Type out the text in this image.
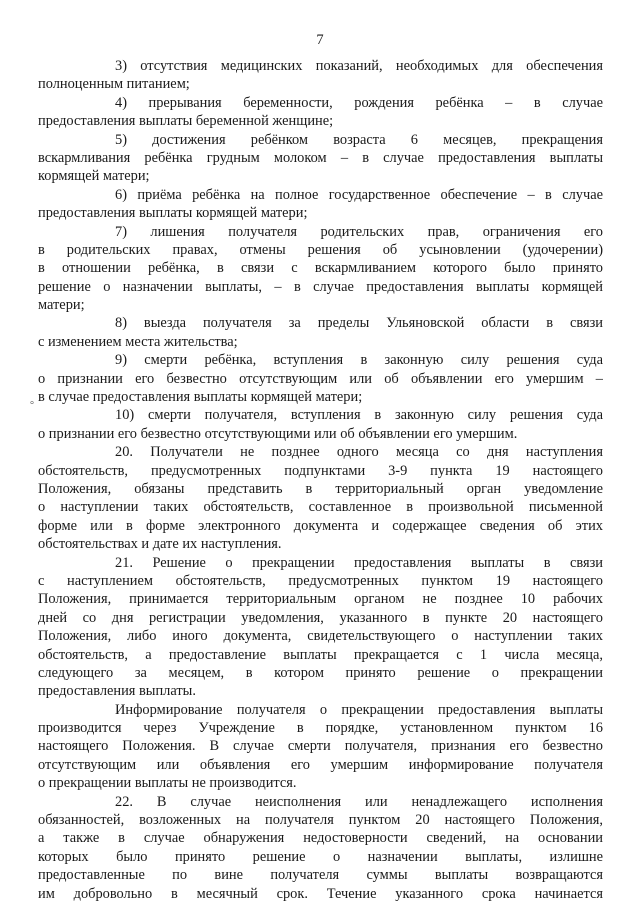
7
3) отсутствия медицинских показаний, необходимых для обеспечения
полноценным питанием;
4) прерывания беременности, рождения ребёнка – в случае
предоставления выплаты беременной женщине;
5) достижения ребёнком возраста 6 месяцев, прекращения
вскармливания ребёнка грудным молоком – в случае предоставления выплаты
кормящей матери;
6) приёма ребёнка на полное государственное обеспечение – в случае
предоставления выплаты кормящей матери;
7) лишения получателя родительских прав, ограничения его
в родительских правах, отмены решения об усыновлении (удочерении)
в отношении ребёнка, в связи с вскармливанием которого было принято
решение о назначении выплаты, – в случае предоставления выплаты кормящей
матери;
8) выезда получателя за пределы Ульяновской области в связи
с изменением места жительства;
9) смерти ребёнка, вступления в законную силу решения суда
о признании его безвестно отсутствующим или об объявлении его умершим –
в случае предоставления выплаты кормящей матери;
10) смерти получателя, вступления в законную силу решения суда
о признании его безвестно отсутствующими или об объявлении его умершим.
20. Получатели не позднее одного месяца со дня наступления
обстоятельств, предусмотренных подпунктами 3-9 пункта 19 настоящего
Положения, обязаны представить в территориальный орган уведомление
о наступлении таких обстоятельств, составленное в произвольной письменной
форме или в форме электронного документа и содержащее сведения об этих
обстоятельствах и дате их наступления.
21. Решение о прекращении предоставления выплаты в связи
с наступлением обстоятельств, предусмотренных пунктом 19 настоящего
Положения, принимается территориальным органом не позднее 10 рабочих
дней со дня регистрации уведомления, указанного в пункте 20 настоящего
Положения, либо иного документа, свидетельствующего о наступлении таких
обстоятельств, а предоставление выплаты прекращается с 1 числа месяца,
следующего за месяцем, в котором принято решение о прекращении
предоставления выплаты.
Информирование получателя о прекращении предоставления выплаты
производится через Учреждение в порядке, установленном пунктом 16
настоящего Положения. В случае смерти получателя, признания его безвестно
отсутствующим или объявления его умершим информирование получателя
о прекращении выплаты не производится.
22. В случае неисполнения или ненадлежащего исполнения
обязанностей, возложенных на получателя пунктом 20 настоящего Положения,
а также в случае обнаружения недостоверности сведений, на основании
которых было принято решение о назначении выплаты, излишне
предоставленные по вине получателя суммы выплаты возвращаются
им добровольно в месячный срок. Течение указанного срока начинается
°
